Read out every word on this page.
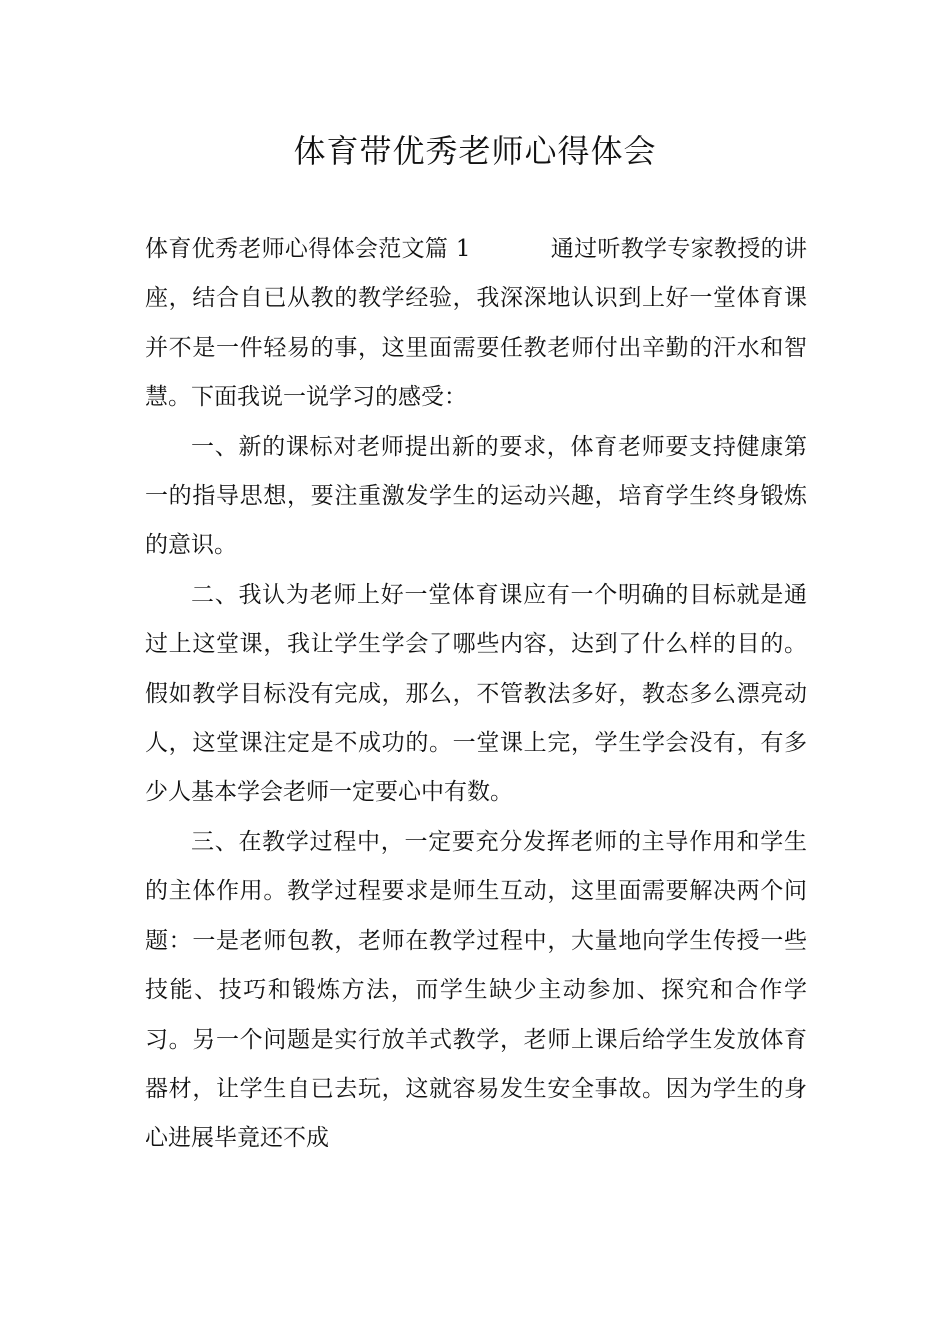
体育带优秀老师心得体会

体育优秀老师心得体会范文篇 1	通过听教学专家教授的讲座，结合自已从教的教学经验，我深深地认识到上好一堂体育课并不是一件轻易的事，这里面需要任教老师付出辛勤的汗水和智慧。下面我说一说学习的感受：

一、新的课标对老师提出新的要求，体育老师要支持健康第一的指导思想，要注重激发学生的运动兴趣，培育学生终身锻炼的意识。

二、我认为老师上好一堂体育课应有一个明确的目标就是通过上这堂课，我让学生学会了哪些内容，达到了什么样的目的。假如教学目标没有完成，那么，不管教法多好，教态多么漂亮动人，这堂课注定是不成功的。一堂课上完，学生学会没有，有多少人基本学会老师一定要心中有数。

三、在教学过程中，一定要充分发挥老师的主导作用和学生的主体作用。教学过程要求是师生互动，这里面需要解决两个问题：一是老师包教，老师在教学过程中，大量地向学生传授一些技能、技巧和锻炼方法，而学生缺少主动参加、探究和合作学习。另一个问题是实行放羊式教学，老师上课后给学生发放体育器材，让学生自已去玩，这就容易发生安全事故。因为学生的身心进展毕竟还不成
